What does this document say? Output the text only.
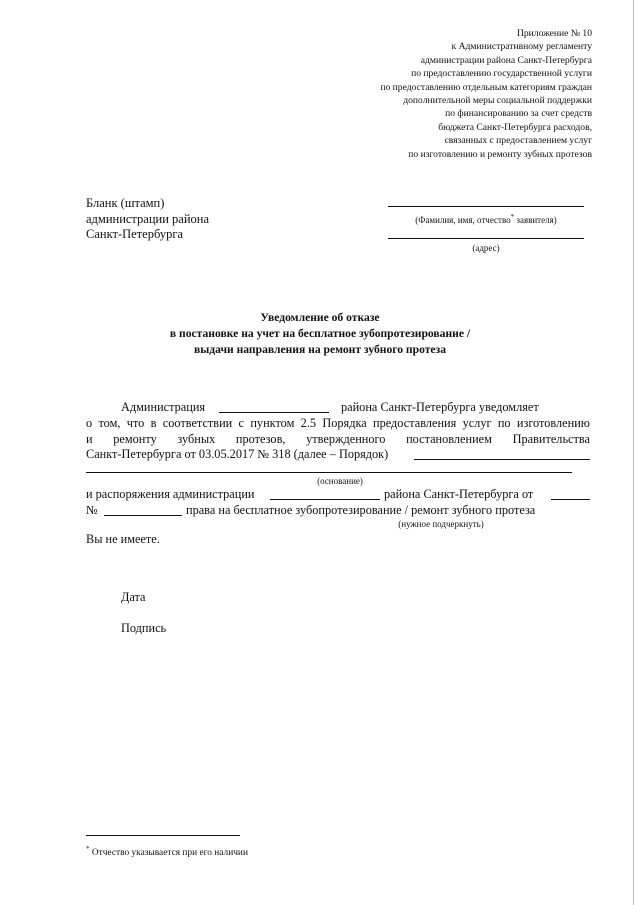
Приложение № 10
к Административному регламенту
администрации района Санкт-Петербурга
по предоставлению государственной услуги
по предоставлению отдельным категориям граждан
дополнительной меры социальной поддержки
по финансированию за счет средств
бюджета Санкт-Петербурга расходов,
связанных с предоставлением услуг
по изготовлению и ремонту зубных протезов
Бланк (штамп)
администрации района
Санкт-Петербурга
(Фамилия, имя, отчество* заявителя)
(адрес)
Уведомление об отказе
в постановке на учет на бесплатное зубопротезирование /
выдачи направления на ремонт зубного протеза
Администрация	района Санкт-Петербурга уведомляет
о том, что в соответствии с пунктом 2.5 Порядка предоставления услуг по изготовлению
и ремонту зубных протезов, утвержденного постановлением Правительства
Санкт-Петербурга от 03.05.2017 № 318 (далее – Порядок)
(основание)
и распоряжения администрации	района Санкт-Петербурга от
№	права на бесплатное зубопротезирование / ремонт зубного протеза
(нужное подчеркнуть)
Вы не имеете.
Дата
Подпись
* Отчество указывается при его наличии
